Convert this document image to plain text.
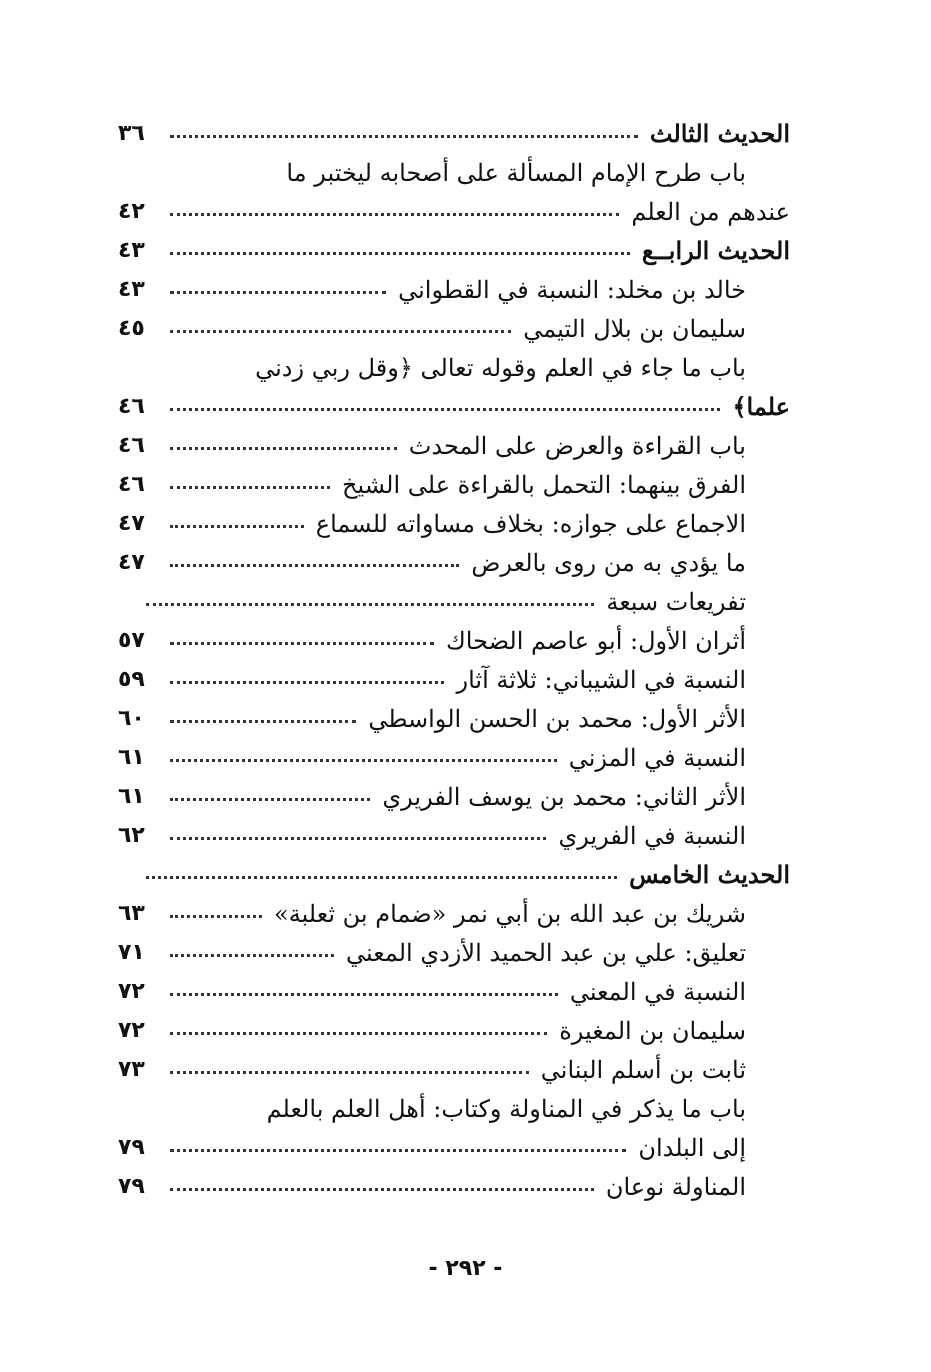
الحديث الثالث
٣٦
باب طرح الإمام المسألة على أصحابه ليختبر ما
عندهم من العلم
٤٢
الحديث الرابــع
٤٣
خالد بن مخلد: النسبة في القطواني
٤٣
سليمان بن بلال التيمي
٤٥
باب ما جاء في العلم وقوله تعالى ﴿وقل ربي زدني
علما﴾
٤٦
باب القراءة والعرض على المحدث
٤٦
الفرق بينهما: التحمل بالقراءة على الشيخ
٤٦
الاجماع على جوازه: بخلاف مساواته للسماع
٤٧
ما يؤدي به من روى بالعرض
٤٧
تفريعات سبعة
أثران الأول: أبو عاصم الضحاك
٥٧
النسبة في الشيباني: ثلاثة آثار
٥٩
الأثر الأول: محمد بن الحسن الواسطي
٦٠
النسبة في المزني
٦١
الأثر الثاني: محمد بن يوسف الفريري
٦١
النسبة في الفريري
٦٢
الحديث الخامس
شريك بن عبد الله بن أبي نمر «ضمام بن ثعلبة»
٦٣
تعليق: علي بن عبد الحميد الأزدي المعني
٧١
النسبة في المعني
٧٢
سليمان بن المغيرة
٧٢
ثابت بن أسلم البناني
٧٣
باب ما يذكر في المناولة وكتاب: أهل العلم بالعلم
إلى البلدان
٧٩
المناولة نوعان
٧٩
- ٢٩٢ -
